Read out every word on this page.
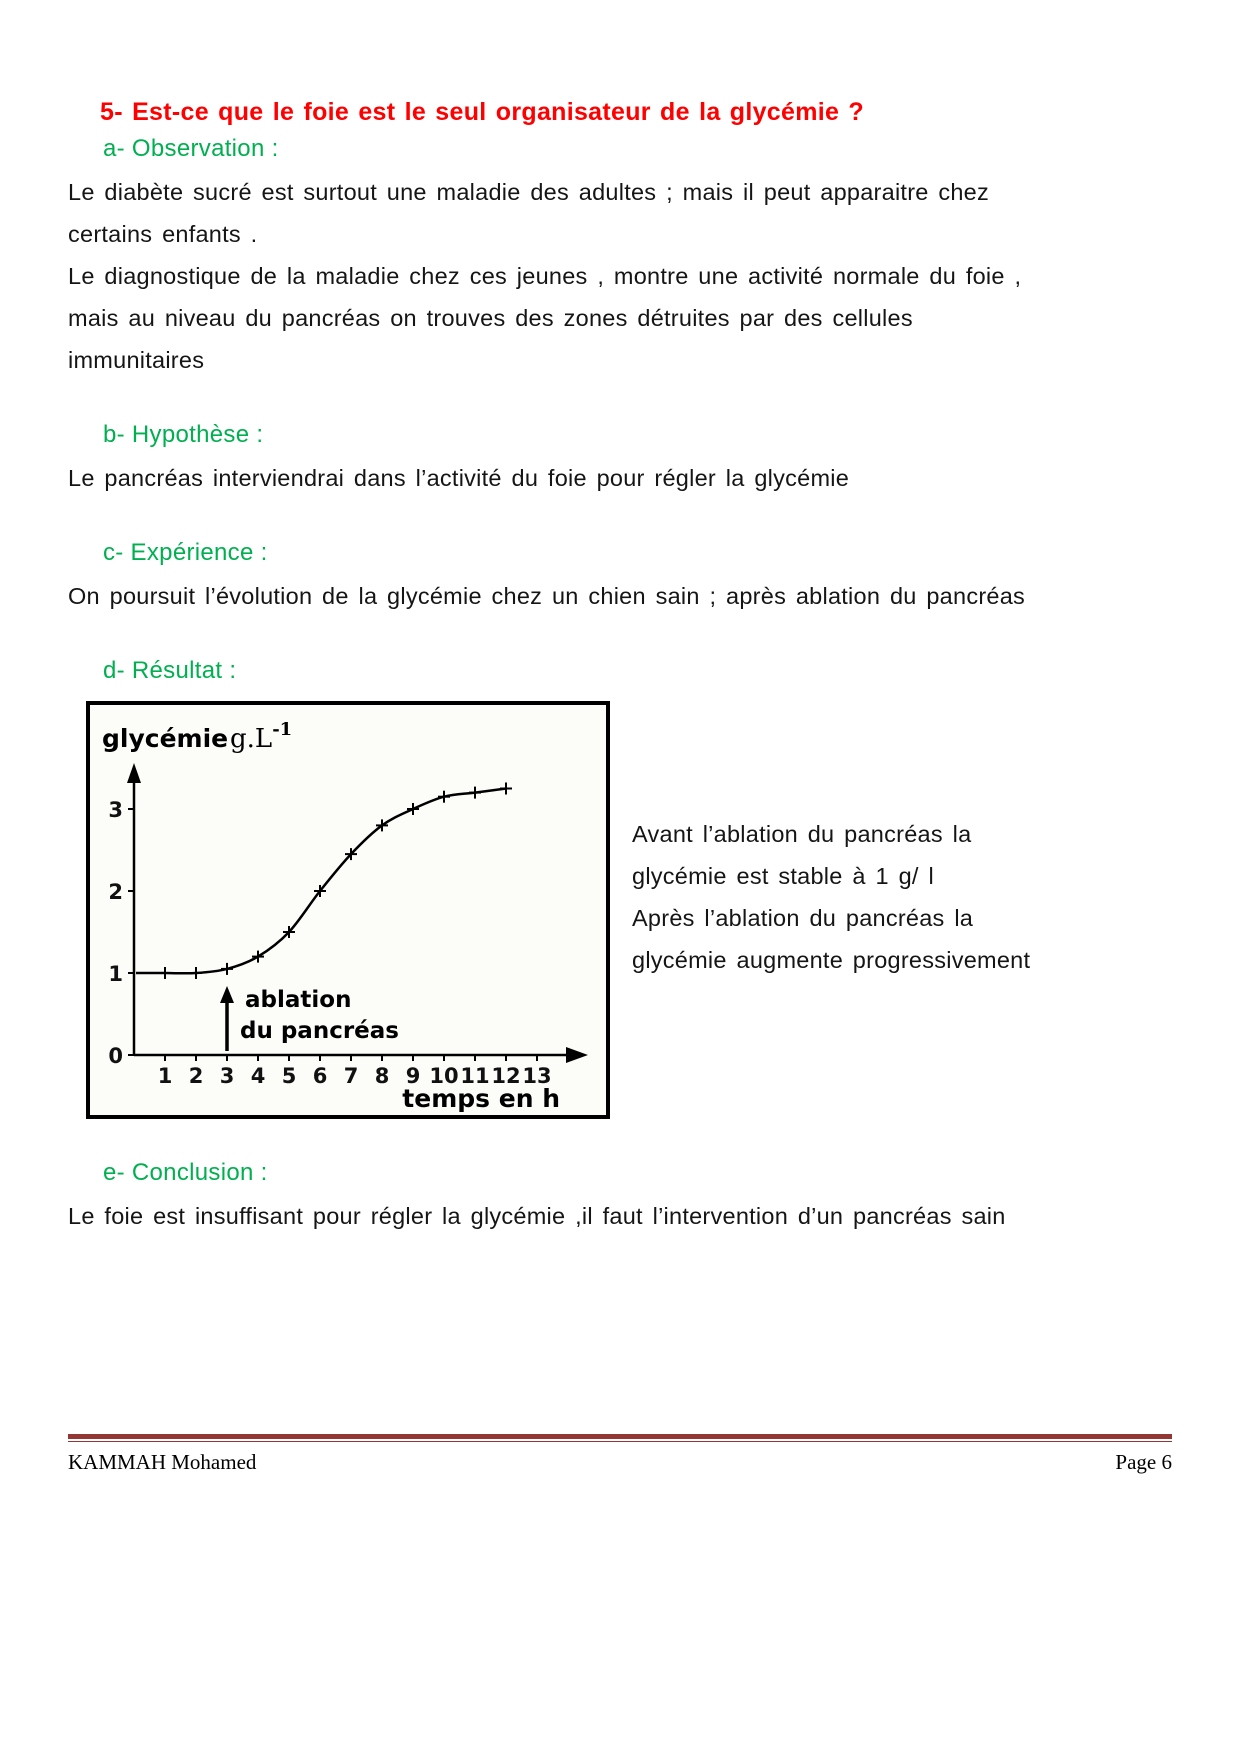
5- Est-ce que le foie est le seul organisateur de la glycémie ?
a- Observation :

Le diabète sucré est surtout une maladie des adultes ; mais il peut apparaitre chez certains enfants .

Le diagnostique de la maladie chez ces jeunes , montre une activité normale du foie , mais au niveau du pancréas on trouves des zones détruites par des cellules immunitaires

b- Hypothèse :

Le pancréas interviendrai dans l’activité du foie pour régler la glycémie

c- Expérience :

On poursuit l’évolution de la glycémie chez un chien sain ; après ablation du pancréas

d- Résultat :
1 2 3 4 5 6 7 8 9 10 11 12 13
0
1
2
3
glycémie $g.L^{-1}$
temps en h
ablation
du pancréas

Avant l’ablation du pancréas la glycémie est stable à 1 g/ l

Après l’ablation du pancréas la glycémie augmente progressivement

e- Conclusion :

Le foie est insuffisant pour régler la glycémie ,il faut l’intervention d’un pancréas sain

KAMMAH Mohamed	Page 6
